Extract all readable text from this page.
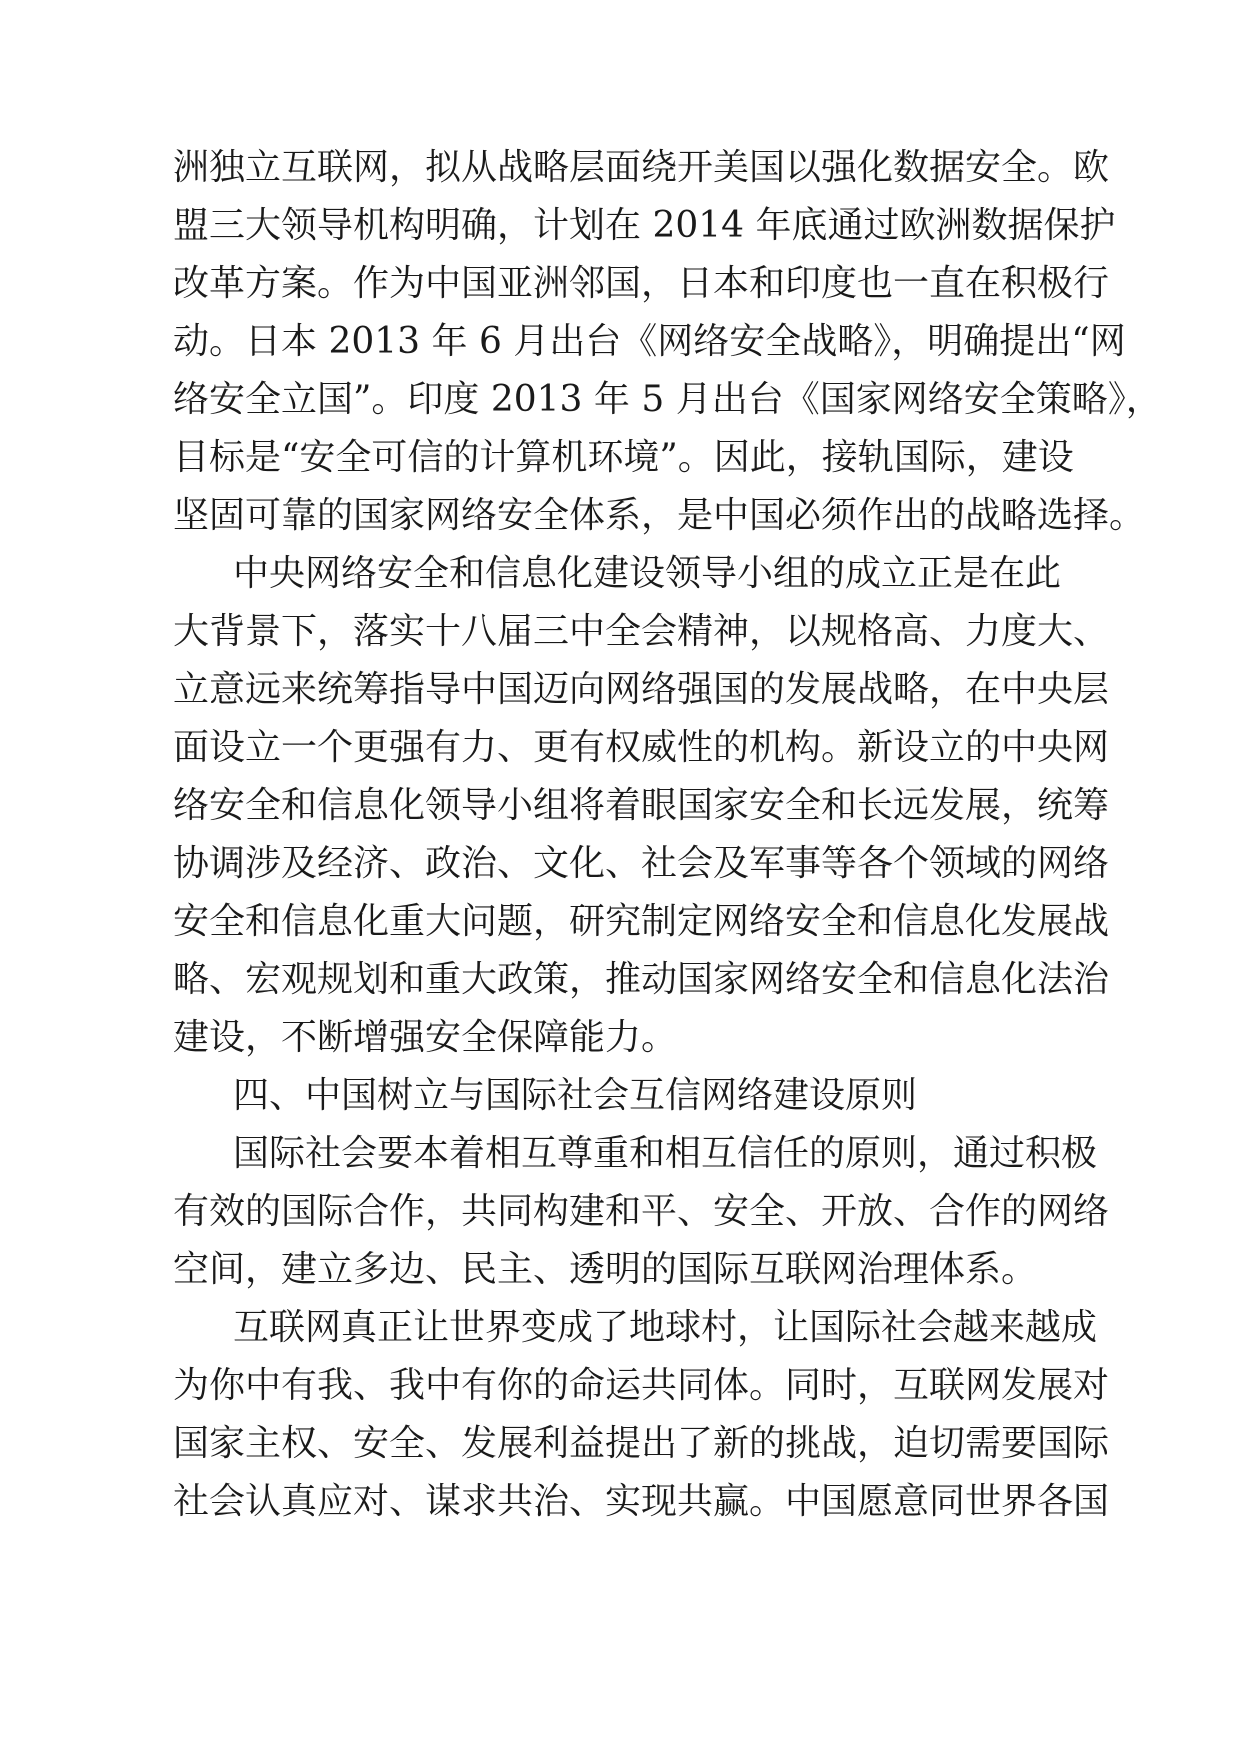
洲独立互联网，拟从战略层面绕开美国以强化数据安全。欧
盟三大领导机构明确，计划在 2014 年底通过欧洲数据保护
改革方案。作为中国亚洲邻国，日本和印度也一直在积极行
动。日本 2013 年 6 月出台《网络安全战略》，明确提出“网
络安全立国”。印度 2013 年 5 月出台《国家网络安全策略》，
目标是“安全可信的计算机环境”。因此，接轨国际，建设
坚固可靠的国家网络安全体系，是中国必须作出的战略选择。
中央网络安全和信息化建设领导小组的成立正是在此
大背景下，落实十八届三中全会精神，以规格高、力度大、
立意远来统筹指导中国迈向网络强国的发展战略，在中央层
面设立一个更强有力、更有权威性的机构。新设立的中央网
络安全和信息化领导小组将着眼国家安全和长远发展，统筹
协调涉及经济、政治、文化、社会及军事等各个领域的网络
安全和信息化重大问题，研究制定网络安全和信息化发展战
略、宏观规划和重大政策，推动国家网络安全和信息化法治
建设，不断增强安全保障能力。
四、中国树立与国际社会互信网络建设原则
国际社会要本着相互尊重和相互信任的原则，通过积极
有效的国际合作，共同构建和平、安全、开放、合作的网络
空间，建立多边、民主、透明的国际互联网治理体系。
互联网真正让世界变成了地球村，让国际社会越来越成
为你中有我、我中有你的命运共同体。同时，互联网发展对
国家主权、安全、发展利益提出了新的挑战，迫切需要国际
社会认真应对、谋求共治、实现共赢。中国愿意同世界各国
